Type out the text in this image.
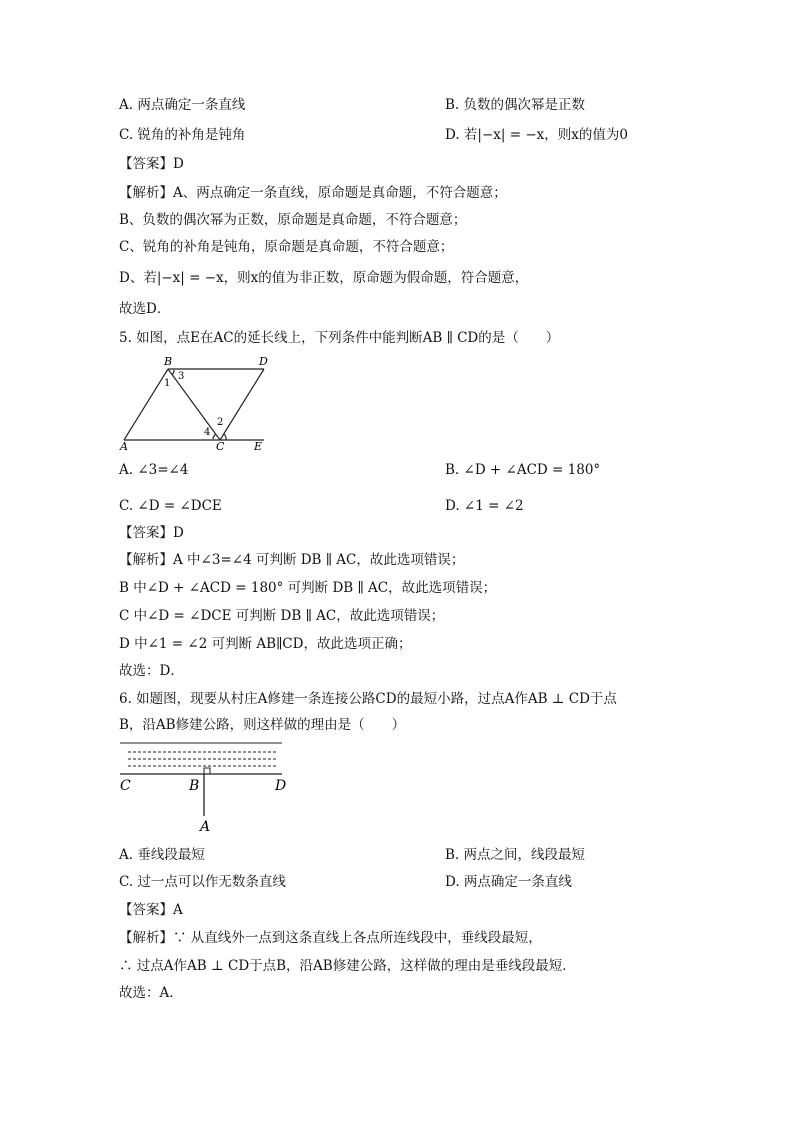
A. 两点确定一条直线	B. 负数的偶次幂是正数
C. 锐角的补角是钝角	D. 若|−x| = −x，则x的值为0
【答案】D
【解析】A、两点确定一条直线，原命题是真命题，不符合题意；
B、负数的偶次幂为正数，原命题是真命题，不符合题意；
C、锐角的补角是钝角，原命题是真命题，不符合题意；
D、若|−x| = −x，则x的值为非正数，原命题为假命题，符合题意，
故选D．
5. 如图，点E在AC的延长线上，下列条件中能判断AB ∥ CD的是（　　）
B	D
1
3
2
4
A	C	E
A. ∠3=∠4	B. ∠D + ∠ACD = 180°
C. ∠D = ∠DCE	D. ∠1 = ∠2
【答案】D
【解析】A 中∠3=∠4 可判断 DB ∥ AC，故此选项错误；
B 中∠D + ∠ACD = 180° 可判断 DB ∥ AC，故此选项错误；
C 中∠D = ∠DCE 可判断 DB ∥ AC，故此选项错误；
D 中∠1 = ∠2 可判断 AB∥CD，故此选项正确；
故选：D．
6. 如题图，现要从村庄A修建一条连接公路CD的最短小路，过点A作AB ⊥ CD于点
B，沿AB修建公路，则这样做的理由是（　　）
C	B	D
A
A. 垂线段最短	B. 两点之间，线段最短
C. 过一点可以作无数条直线	D. 两点确定一条直线
【答案】A
【解析】∵ 从直线外一点到这条直线上各点所连线段中，垂线段最短，
∴ 过点A作AB ⊥ CD于点B，沿AB修建公路，这样做的理由是垂线段最短．
故选：A．
